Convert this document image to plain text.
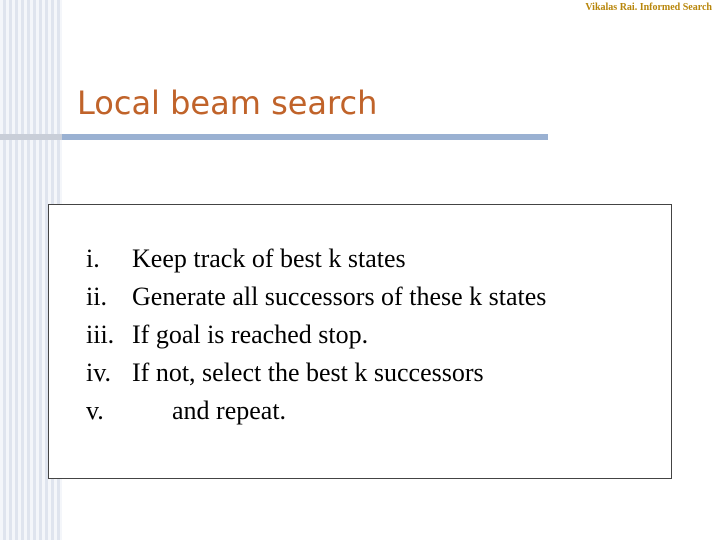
Vikalas Rai. Informed Search
Local beam search
i.	Keep track of best k states
ii. Generate all successors of these k states
iii. If goal is reached stop.
iv. If not, select the best k successors
v.	and repeat.
